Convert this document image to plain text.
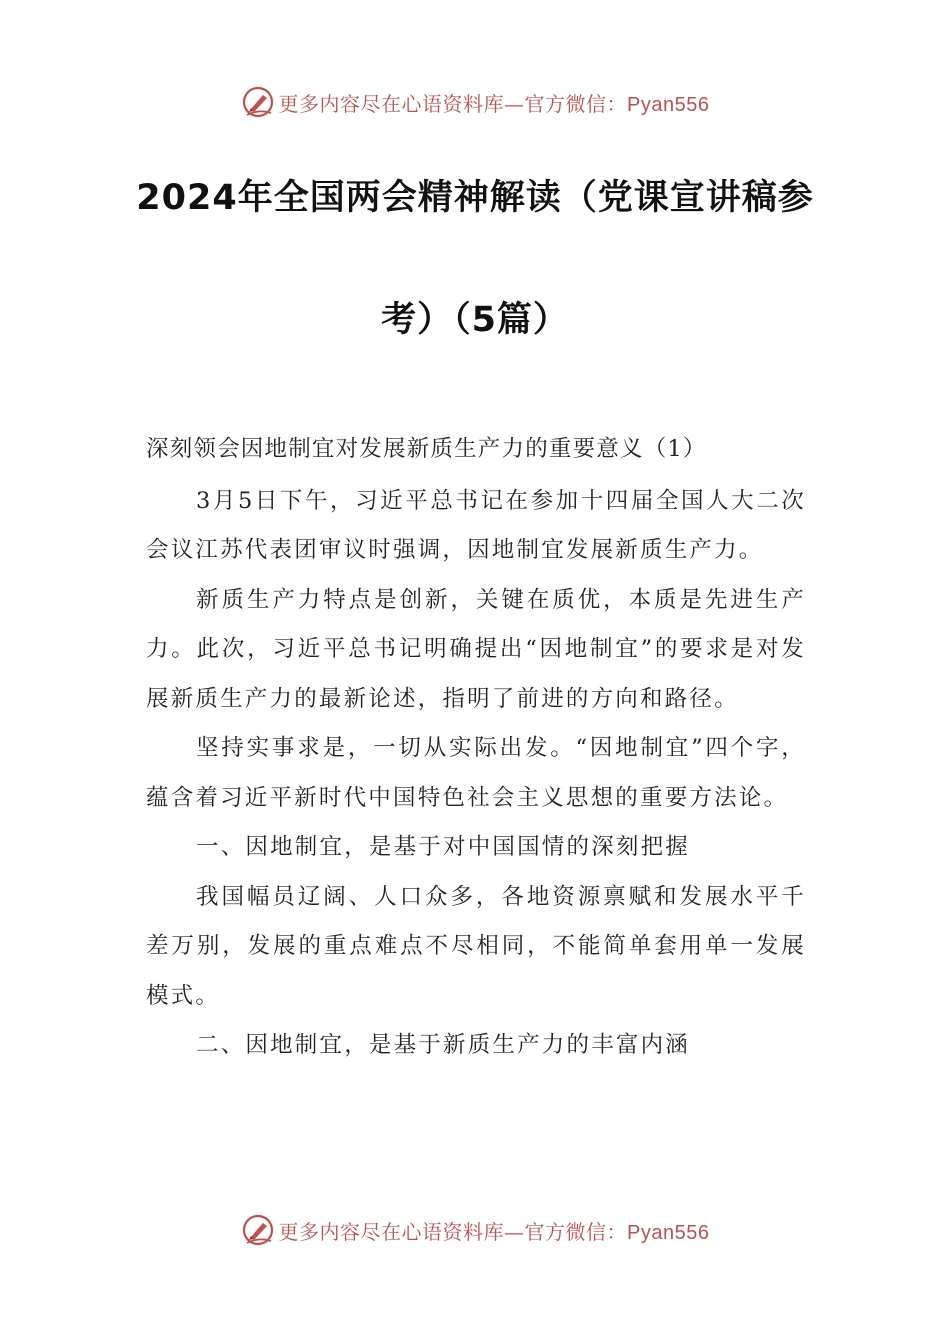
更多内容尽在心语资料库—官方微信：Pyan556
2024年全国两会精神解读（党课宣讲稿参
考）（5篇）

深刻领会因地制宜对发展新质生产力的重要意义（1）

3月5日下午，习近平总书记在参加十四届全国人大二次会议江苏代表团审议时强调，因地制宜发展新质生产力。

新质生产力特点是创新，关键在质优，本质是先进生产力。此次，习近平总书记明确提出“因地制宜”的要求是对发展新质生产力的最新论述，指明了前进的方向和路径。

坚持实事求是，一切从实际出发。“因地制宜”四个字，蕴含着习近平新时代中国特色社会主义思想的重要方法论。

一、因地制宜，是基于对中国国情的深刻把握

我国幅员辽阔、人口众多，各地资源禀赋和发展水平千差万别，发展的重点难点不尽相同，不能简单套用单一发展模式。

二、因地制宜，是基于新质生产力的丰富内涵

更多内容尽在心语资料库—官方微信：Pyan556
